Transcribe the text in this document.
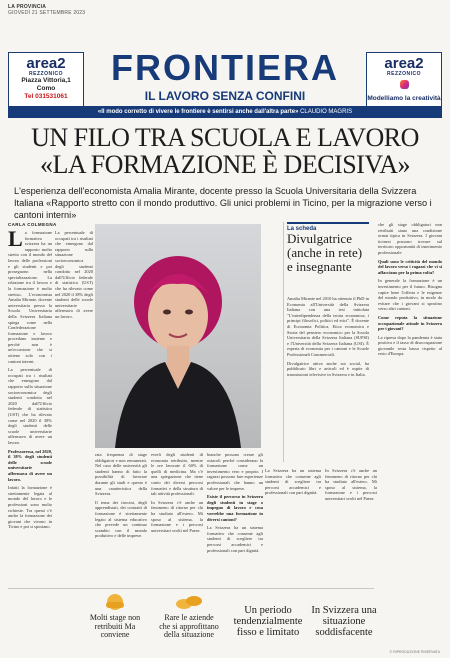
LA PROVINCIA
GIOVEDÌ 21 SETTEMBRE 2023
area2
REZZONICO
Piazza Vittoria,1
Como
Tel 031531061
FRONTIERA
IL LAVORO SENZA CONFINI
area2
REZZONICO
Modelliamo la creatività
«Il modo corretto di vivere le frontiere è sentirsi anche dall'altra parte» CLAUDIO MAGRIS
UN FILO TRA SCUOLA E LAVORO
«LA FORMAZIONE È DECISIVA»
L'esperienza dell'economista Amalia Mirante, docente presso la Scuola Universitaria della Svizzera Italiana «Rapporto stretto con il mondo produttivo. Gli unici problemi in Ticino, per la migrazione verso i cantoni interni»
CARLA COLMEGNA

La formazione formativa svizzera ha un rapporto molto stretto con il mondo del lavoro delle professioni e gli studenti e poi proseguono nella specializzazione. La relazione tra il lavoro e la formazione è molto stretta». L'economista Amalia Mirante, docente universitaria presso la Scuola Universitaria della Svizzera Italiana spiega come nella Confederazione formazione e lavoro procedano insieme e perché non è un'occasione che si ottiene solo con i cantoni interni.

La percentuale di occupati tra i risultati che emergono dal rapporto sulla situazione socioeconomica degli studenti condotto nel 2020 dall'Ufficio federale di statistica (UST) che ha rilevato come nel 2020 il 38% degli studenti delle scuole universitarie affermava di avere un lavoro.

Professoressa, nel 2020, il 38% degli studenti delle scuole universitarie affermava di avere un lavoro.

Infatti la formazione è strettamente legata al mondo del lavoro e le professioni sono molto richieste. Tra questi c'è anche la formazione dei giovani che vivono in Ticino e poi si spostano.

La percentuale di occupati tra i risultati che emergono dal rapporto sulla situazione socioeconomica degli studenti condotto nel 2020 dall'Ufficio federale di statistica (UST) che ha rilevato come nel 2020 il 38% degli studenti delle scuole universitarie affermava di avere un lavoro.

rata frequenza di stage obbligatori e non remunerati. Nel caso delle università gli studenti hanno di fatto la possibilità di lavorare durante gli studi e questo è una caratteristica della Svizzera.

Il tema dei tirocini, degli apprendistati, dei contratti di formazione è strettamente legato al sistema educativo che prevede un continuo scambio con il mondo produttivo e delle imprese.

everli degli studenti di economia retribuito, mentre le ore lavorate il 60% di quelli di medicina. Ma c'è una spiegazione che tiene conto dei diversi percorsi formativi e della struttura di tali attività professionali.

In Svizzera c'è anche un fenomeno di ritorno per chi ha studiato all'estero. Mi sposo al sistema, la formazione e i percorsi universitari svolti nel Paese.

bianche possono creare gli ostacoli perché considerano la formazione come un investimento vero e proprio. I ragazzi possono fare esperienze professionali che hanno un valore per le imprese.

Esiste il percorso in Svizzera degli studenti in stage o impegno di lavoro e cosa vorrebbe una formazione in diversi cantoni?

La Svizzera ha un sistema formativo che consente agli studenti di scegliere tra percorsi accademici e professionali con pari dignità.

La scheda
Divulgatrice (anche in rete) e insegnante

Amalia Mirante nel 2010 ha ottenuto il PhD in Economia all'Università della Svizzera Italiana con una tesi intitolata "L'interdipendenza della teoria economica, i principi filosofici, politici ed etici". È docente di Economia Politica, Etica economica e Storia del pensiero economico per la Scuola Universitaria della Svizzera Italiana (SUPSI) e l'Università della Svizzera Italiana (USI). È esperta di economia per i cantoni e le Scuole Professionali Commerciali.

Divulgatrice attiva anche sui social, ha pubblicato libri e articoli ed è ospite di trasmissioni televisive in Svizzera e in Italia.

La Svizzera ha un sistema formativo che consente agli studenti di scegliere tra percorsi accademici e professionali con pari dignità.

In Svizzera c'è anche un fenomeno di ritorno per chi ha studiato all'estero. Mi sposo al sistema, la formazione e i percorsi universitari svolti nel Paese.

che gli stage obbligatori non retribuiti siano una condizione ormai tipica in Svizzera. I giovani ticinesi possono trovare sul territorio opportunità di inserimento professionale.

Quali sono le criticità del mondo del lavoro verso i ragazzi che vi si affacciano per la prima volta?

In generale la formazione è un investimento per il futuro. Bisogna capire bene l'offerta e le esigenze del mondo produttivo, in modo da evitare che i giovani si spostino verso altri cantoni.

Come reputa la situazione occupazionale attuale in Svizzera per i giovani?

La ripresa dopo la pandemia è stata positiva e il tasso di disoccupazione giovanile resta basso rispetto al resto d'Europa.

Molti stage non retribuiti Ma conviene
Rare le aziende che si approfittano della situazione
Un periodo tendenzialmente fisso e limitato
In Svizzera una situazione soddisfacente
© RIPRODUZIONE RISERVATA
